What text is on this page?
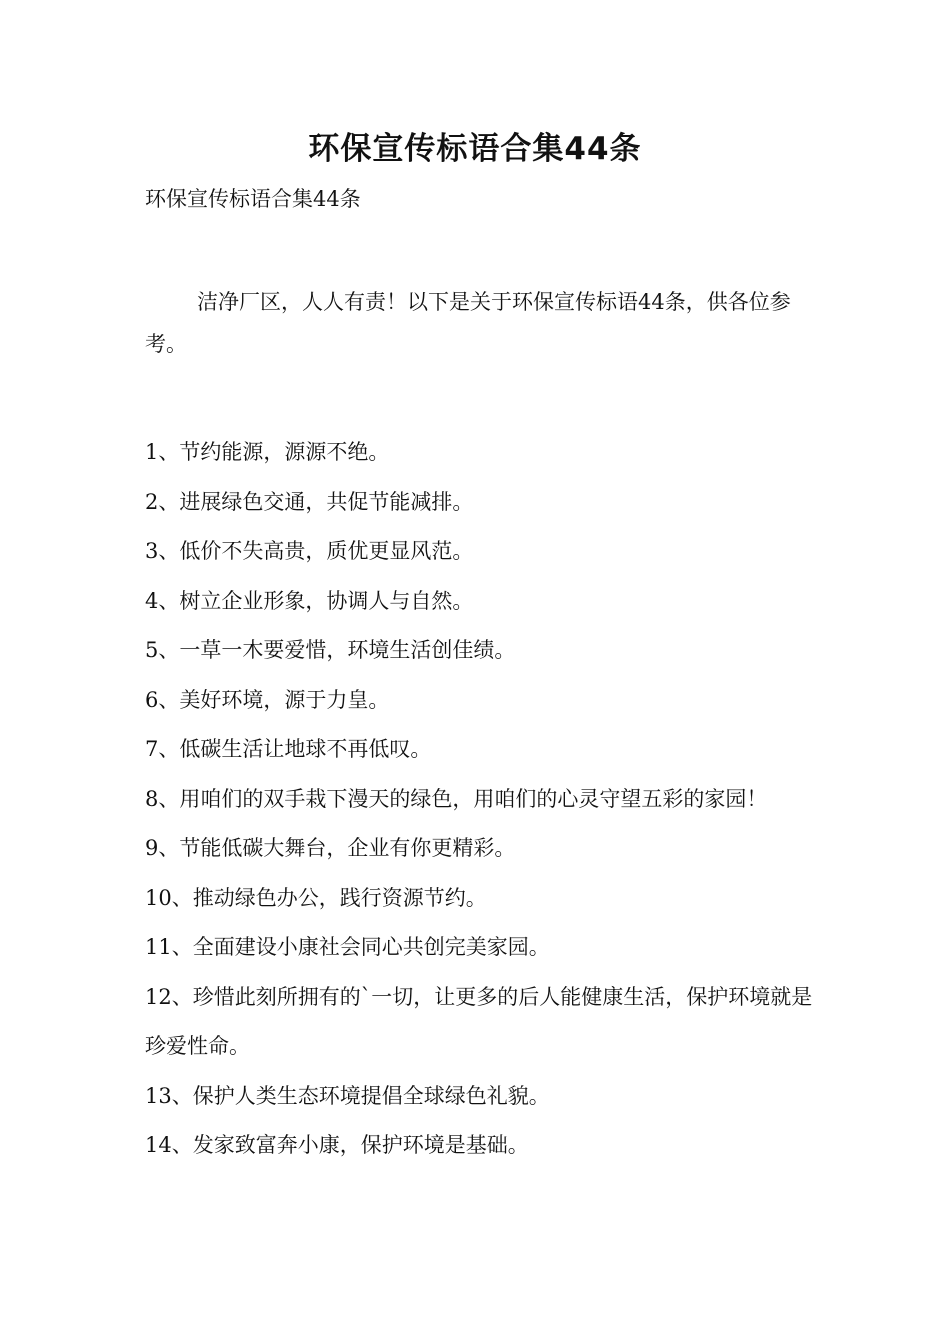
环保宣传标语合集44条

环保宣传标语合集44条

洁净厂区，人人有责！以下是关于环保宣传标语44条，供各位参考。

1、节约能源，源源不绝。
2、进展绿色交通，共促节能减排。
3、低价不失高贵，质优更显风范。
4、树立企业形象，协调人与自然。
5、一草一木要爱惜，环境生活创佳绩。
6、美好环境，源于力皇。
7、低碳生活让地球不再低叹。
8、用咱们的双手栽下漫天的绿色，用咱们的心灵守望五彩的家园！
9、节能低碳大舞台，企业有你更精彩。
10、推动绿色办公，践行资源节约。
11、全面建设小康社会同心共创完美家园。
12、珍惜此刻所拥有的`一切，让更多的后人能健康生活，保护环境就是珍爱性命。
13、保护人类生态环境提倡全球绿色礼貌。
14、发家致富奔小康，保护环境是基础。
